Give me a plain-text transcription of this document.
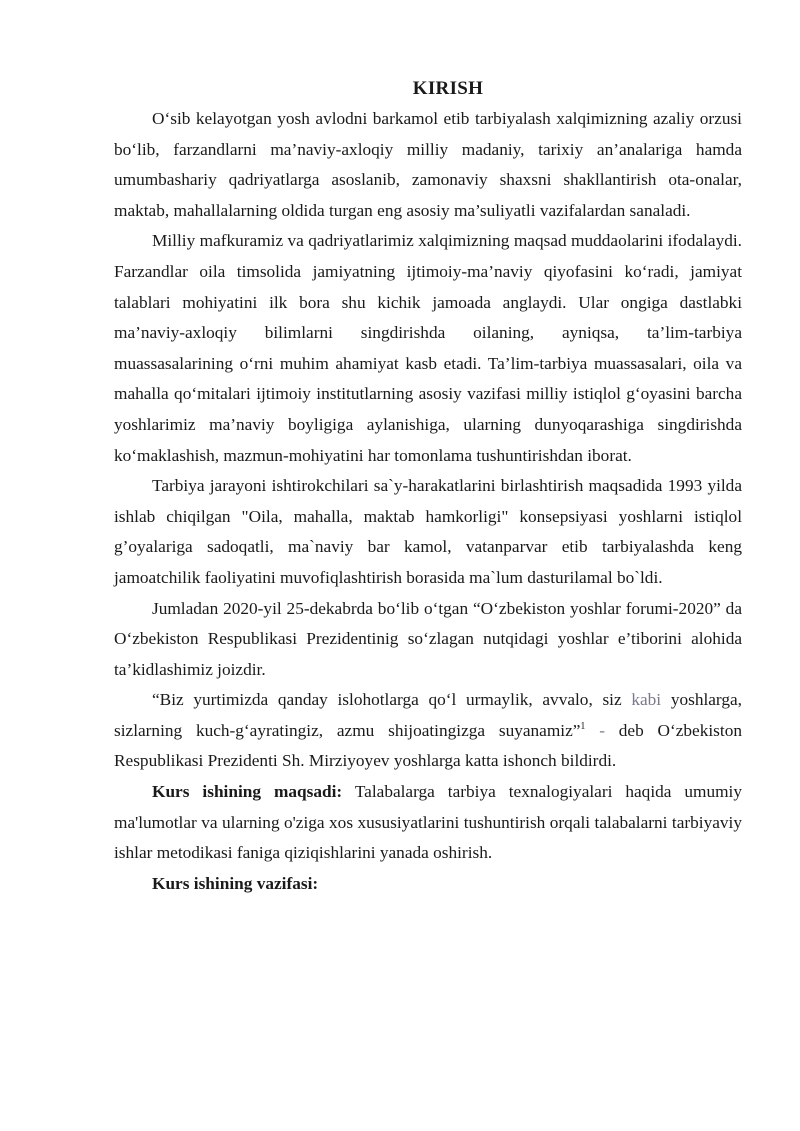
KIRISH

O‘sib kelayotgan yosh avlodni barkamol etib tarbiyalash xalqimizning azaliy orzusi bo‘lib, farzandlarni ma’naviy-axloqiy milliy madaniy, tarixiy an’analariga hamda umumbashariy qadriyatlarga asoslanib, zamonaviy shaxsni shakllantirish ota-onalar, maktab, mahallalarning oldida turgan eng asosiy ma’suliyatli vazifalardan sanaladi.

Milliy mafkuramiz va qadriyatlarimiz xalqimizning maqsad muddaolarini ifodalaydi. Farzandlar oila timsolida jamiyatning ijtimoiy-ma’naviy qiyofasini ko‘radi, jamiyat talablari mohiyatini ilk bora shu kichik jamoada anglaydi. Ular ongiga dastlabki ma’naviy-axloqiy bilimlarni singdirishda oilaning, ayniqsa, ta’lim-tarbiya muassasalarining o‘rni muhim ahamiyat kasb etadi. Ta’lim-tarbiya muassasalari, oila va mahalla qo‘mitalari ijtimoiy institutlarning asosiy vazifasi milliy istiqlol g‘oyasini barcha yoshlarimiz ma’naviy boyligiga aylanishiga, ularning dunyoqarashiga singdirishda ko‘maklashish, mazmun-mohiyatini har tomonlama tushuntirishdan iborat.

Tarbiya jarayoni ishtirokchilari sa`y-harakatlarini birlashtirish maqsadida 1993 yilda ishlab chiqilgan "Oila, mahalla, maktab hamkorligi" konsepsiyasi yoshlarni istiqlol g’oyalariga sadoqatli, ma`naviy bar kamol, vatanparvar etib tarbiyalashda keng jamoatchilik faoliyatini muvofiqlashtirish borasida ma`lum dasturilamal bo`ldi.

Jumladan 2020-yil 25-dekabrda bo‘lib o‘tgan “O‘zbekiston yoshlar forumi-2020” da O‘zbekiston Respublikasi Prezidentinig so‘zlagan nutqidagi yoshlar e’tiborini alohida ta’kidlashimiz joizdir.

“Biz yurtimizda qanday islohotlarga qo‘l urmaylik, avvalo, siz kabi yoshlarga, sizlarning kuch-g‘ayratingiz, azmu shijoatingizga suyanamiz”$^1$ - deb O‘zbekiston Respublikasi Prezidenti Sh. Mirziyoyev yoshlarga katta ishonch bildirdi.

Kurs ishining maqsadi: Talabalarga tarbiya texnalogiyalari haqida umumiy ma'lumotlar va ularning o'ziga xos xususiyatlarini tushuntirish orqali talabalarni tarbiyaviy ishlar metodikasi faniga qiziqishlarini yanada oshirish.

Kurs ishining vazifasi:
